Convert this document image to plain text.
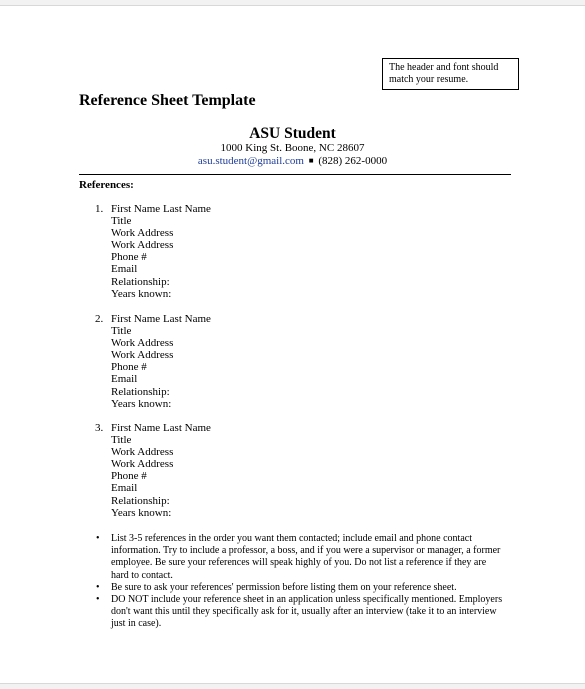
The header and font should match your resume.
Reference Sheet Template
ASU Student
1000 King St. Boone, NC 28607
asu.student@gmail.com ■ (828) 262-0000
References:
1. First Name Last Name
Title
Work Address
Work Address
Phone #
Email
Relationship:
Years known:
2. First Name Last Name
Title
Work Address
Work Address
Phone #
Email
Relationship:
Years known:
3. First Name Last Name
Title
Work Address
Work Address
Phone #
Email
Relationship:
Years known:
• List 3-5 references in the order you want them contacted; include email and phone contact information. Try to include a professor, a boss, and if you were a supervisor or manager, a former employee. Be sure your references will speak highly of you. Do not list a reference if they are hard to contact.
• Be sure to ask your references' permission before listing them on your reference sheet.
• DO NOT include your reference sheet in an application unless specifically mentioned. Employers don't want this until they specifically ask for it, usually after an interview (take it to an interview just in case).
